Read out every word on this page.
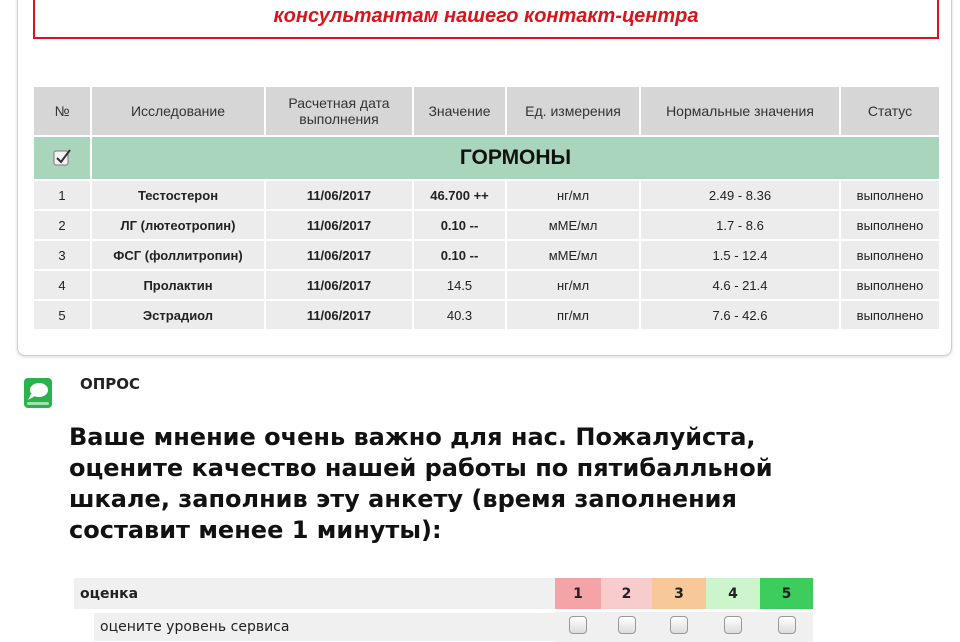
консультантам нашего контакт-центра
№	Исследование	Расчетная дата выполнения	Значение	Ед. измерения	Нормальные значения	Статус
	ГОРМОНЫ					
1	Тестостерон	11/06/2017	46.700 ++	нг/мл	2.49 - 8.36	выполнено
2	ЛГ (лютеотропин)	11/06/2017	0.10 --	мМЕ/мл	1.7 - 8.6	выполнено
3	ФСГ (фоллитропин)	11/06/2017	0.10 --	мМЕ/мл	1.5 - 12.4	выполнено
4	Пролактин	11/06/2017	14.5	нг/мл	4.6 - 21.4	выполнено
5	Эстрадиол	11/06/2017	40.3	пг/мл	7.6 - 42.6	выполнено
ОПРОС

Ваше мнение очень важно для нас. Пожалуйста, оцените качество нашей работы по пятибалльной шкале, заполнив эту анкету (время заполнения составит менее 1 минуты):

оценка	1	2	3	4	5

оцените уровень сервиса					
